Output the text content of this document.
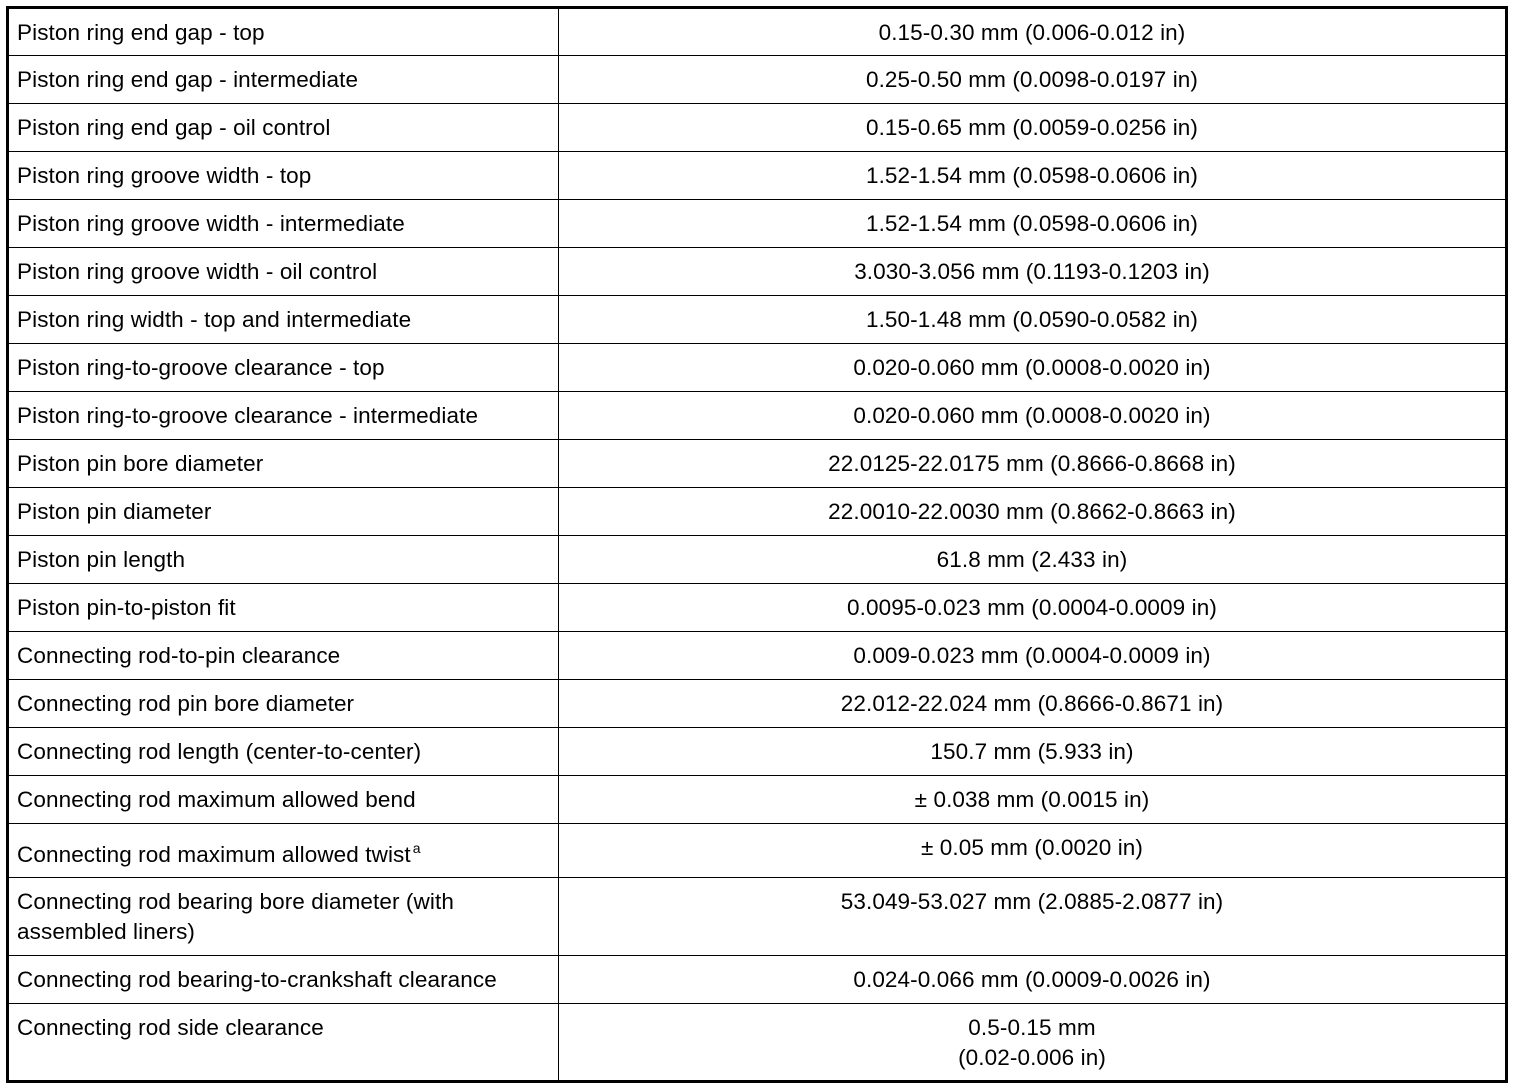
Piston ring end gap - top	0.15-0.30 mm (0.006-0.012 in)
Piston ring end gap - intermediate	0.25-0.50 mm (0.0098-0.0197 in)
Piston ring end gap - oil control	0.15-0.65 mm (0.0059-0.0256 in)
Piston ring groove width - top	1.52-1.54 mm (0.0598-0.0606 in)
Piston ring groove width - intermediate	1.52-1.54 mm (0.0598-0.0606 in)
Piston ring groove width - oil control	3.030-3.056 mm (0.1193-0.1203 in)
Piston ring width - top and intermediate	1.50-1.48 mm (0.0590-0.0582 in)
Piston ring-to-groove clearance - top	0.020-0.060 mm (0.0008-0.0020 in)
Piston ring-to-groove clearance - intermediate	0.020-0.060 mm (0.0008-0.0020 in)
Piston pin bore diameter	22.0125-22.0175 mm (0.8666-0.8668 in)
Piston pin diameter	22.0010-22.0030 mm (0.8662-0.8663 in)
Piston pin length	61.8 mm (2.433 in)
Piston pin-to-piston fit	0.0095-0.023 mm (0.0004-0.0009 in)
Connecting rod-to-pin clearance	0.009-0.023 mm (0.0004-0.0009 in)
Connecting rod pin bore diameter	22.012-22.024 mm (0.8666-0.8671 in)
Connecting rod length (center-to-center)	150.7 mm (5.933 in)
Connecting rod maximum allowed bend	± 0.038 mm (0.0015 in)
Connecting rod maximum allowed twist $^a$	± 0.05 mm (0.0020 in)
Connecting rod bearing bore diameter (with assembled liners)	53.049-53.027 mm (2.0885-2.0877 in)
Connecting rod bearing-to-crankshaft clearance	0.024-0.066 mm (0.0009-0.0026 in)
Connecting rod side clearance	0.5-0.15 mm
(0.02-0.006 in)
